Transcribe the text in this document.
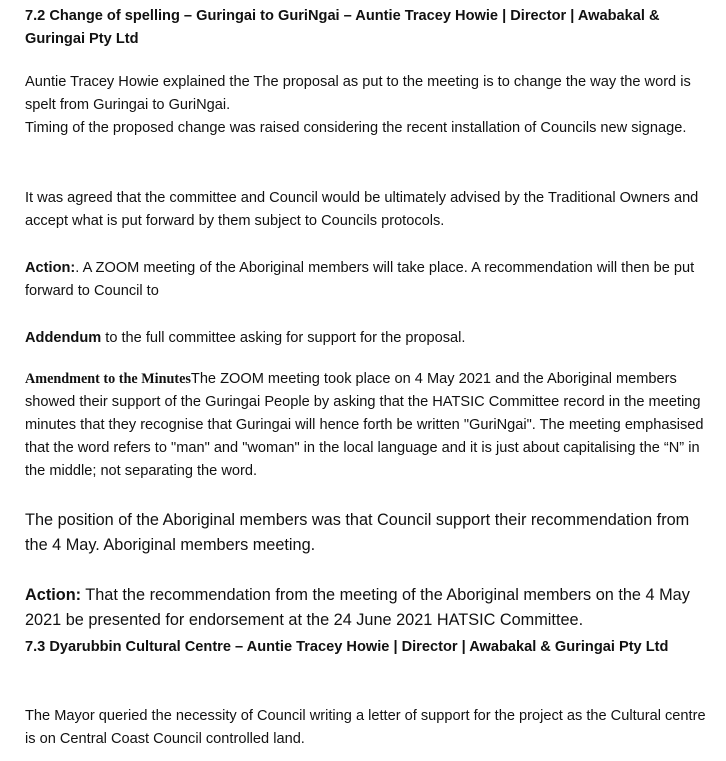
7.2 Change of spelling – Guringai to GuriNgai – Auntie Tracey Howie | Director | Awabakal & Guringai Pty Ltd

Auntie Tracey Howie explained the The proposal as put to the meeting is to change the way the word is spelt from Guringai to GuriNgai.

Timing of the proposed change was raised considering the recent installation of Councils new signage.

It was agreed that the committee and Council would be ultimately advised by the Traditional Owners and accept what is put forward by them subject to Councils protocols.

Action:. A ZOOM meeting of the Aboriginal members will take place. A recommendation will then be put forward to Council to

Addendum to the full committee asking for support for the proposal.

Amendment to the MinutesThe ZOOM meeting took place on 4 May 2021 and the Aboriginal members showed their support of the Guringai People by asking that the HATSIC Committee record in the meeting minutes that they recognise that Guringai will hence forth be written "GuriNgai". The meeting emphasised that the word refers to "man" and "woman" in the local language and it is just about capitalising the “N” in the middle; not separating the word.

The position of the Aboriginal members was that Council support their recommendation from the 4 May. Aboriginal members meeting.

Action: That the recommendation from the meeting of the Aboriginal members on the 4 May 2021 be presented for endorsement at the 24 June 2021 HATSIC Committee.

7.3 Dyarubbin Cultural Centre – Auntie Tracey Howie | Director | Awabakal & Guringai Pty Ltd

The Mayor queried the necessity of Council writing a letter of support for the project as the Cultural centre is on Central Coast Council controlled land.
